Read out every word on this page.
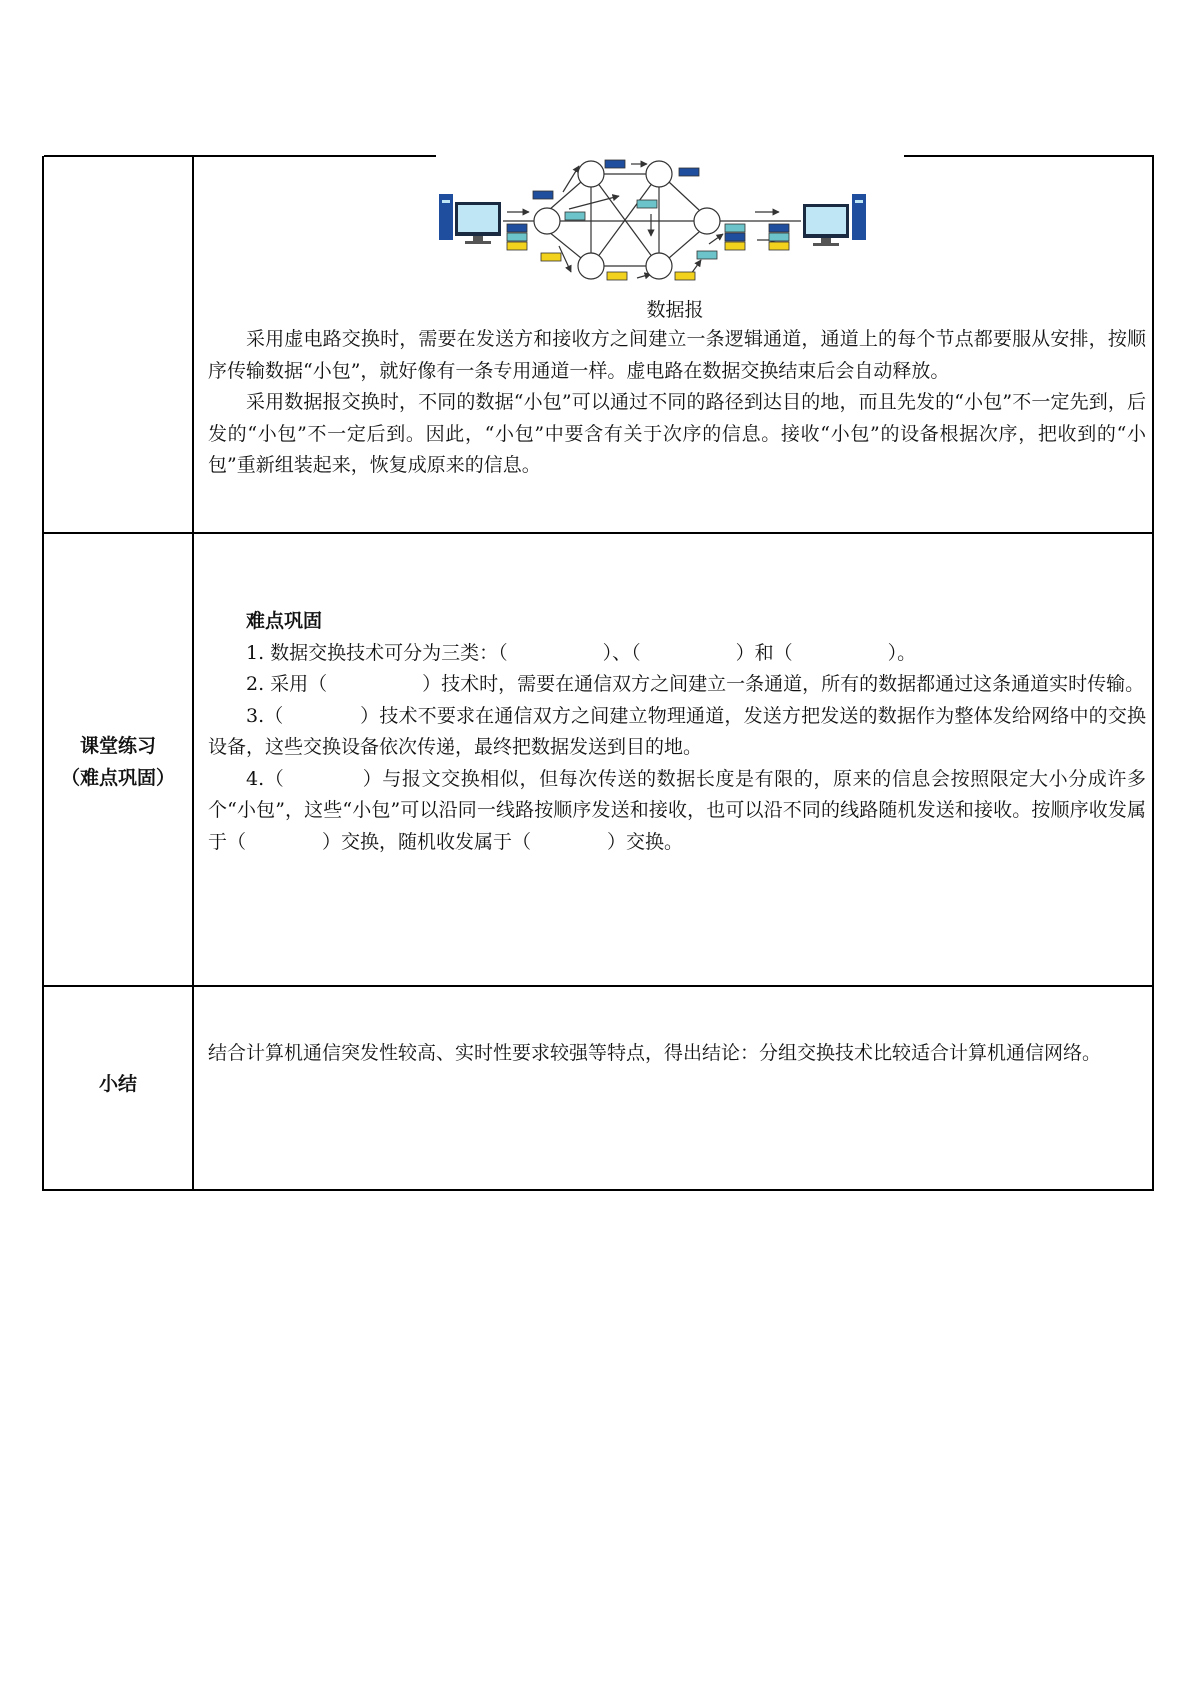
数据报

采用虚电路交换时，需要在发送方和接收方之间建立一条逻辑通道，通道上的每个节点都要服从安排，按顺序传输数据“小包”，就好像有一条专用通道一样。虚电路在数据交换结束后会自动释放。

采用数据报交换时，不同的数据“小包”可以通过不同的路径到达目的地，而且先发的“小包”不一定先到，后发的“小包”不一定后到。因此，“小包”中要含有关于次序的信息。接收“小包”的设备根据次序，把收到的“小包”重新组装起来，恢复成原来的信息。

课堂练习
（难点巩固）

难点巩固

1. 数据交换技术可分为三类：（　　　　　）、（　　　　　）和（　　　　　）。

2. 采用（　　　　　）技术时，需要在通信双方之间建立一条通道，所有的数据都通过这条通道实时传输。

3.（　　　　）技术不要求在通信双方之间建立物理通道，发送方把发送的数据作为整体发给网络中的交换设备，这些交换设备依次传递，最终把数据发送到目的地。

4.（　　　　）与报文交换相似，但每次传送的数据长度是有限的，原来的信息会按照限定大小分成许多个“小包”，这些“小包”可以沿同一线路按顺序发送和接收，也可以沿不同的线路随机发送和接收。按顺序收发属于（　　　　）交换，随机收发属于（　　　　）交换。

小结

结合计算机通信突发性较高、实时性要求较强等特点，得出结论：分组交换技术比较适合计算机通信网络。
